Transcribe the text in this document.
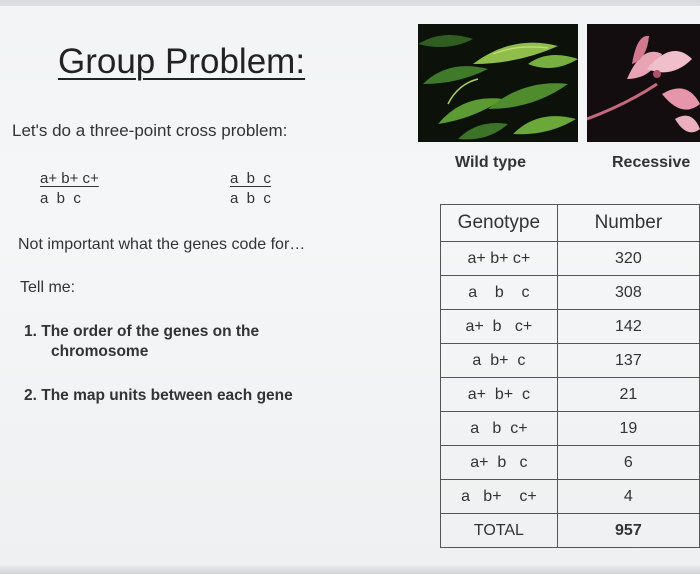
Group Problem:
Let's do a three-point cross problem:
a+ b+ c+
a  b  c
a  b  c
a  b  c
Not important what the genes code for…
Tell me:
1. The order of the genes on the
chromosome
2. The map units between each gene
Wild type	Recessive
Genotype	Number
a+ b+ c+	320
a    b    c	308
a+  b   c+	142
a  b+  c	137
a+  b+  c	21
a   b  c+	19
a+  b   c	6
a   b+    c+	4
TOTAL	957
